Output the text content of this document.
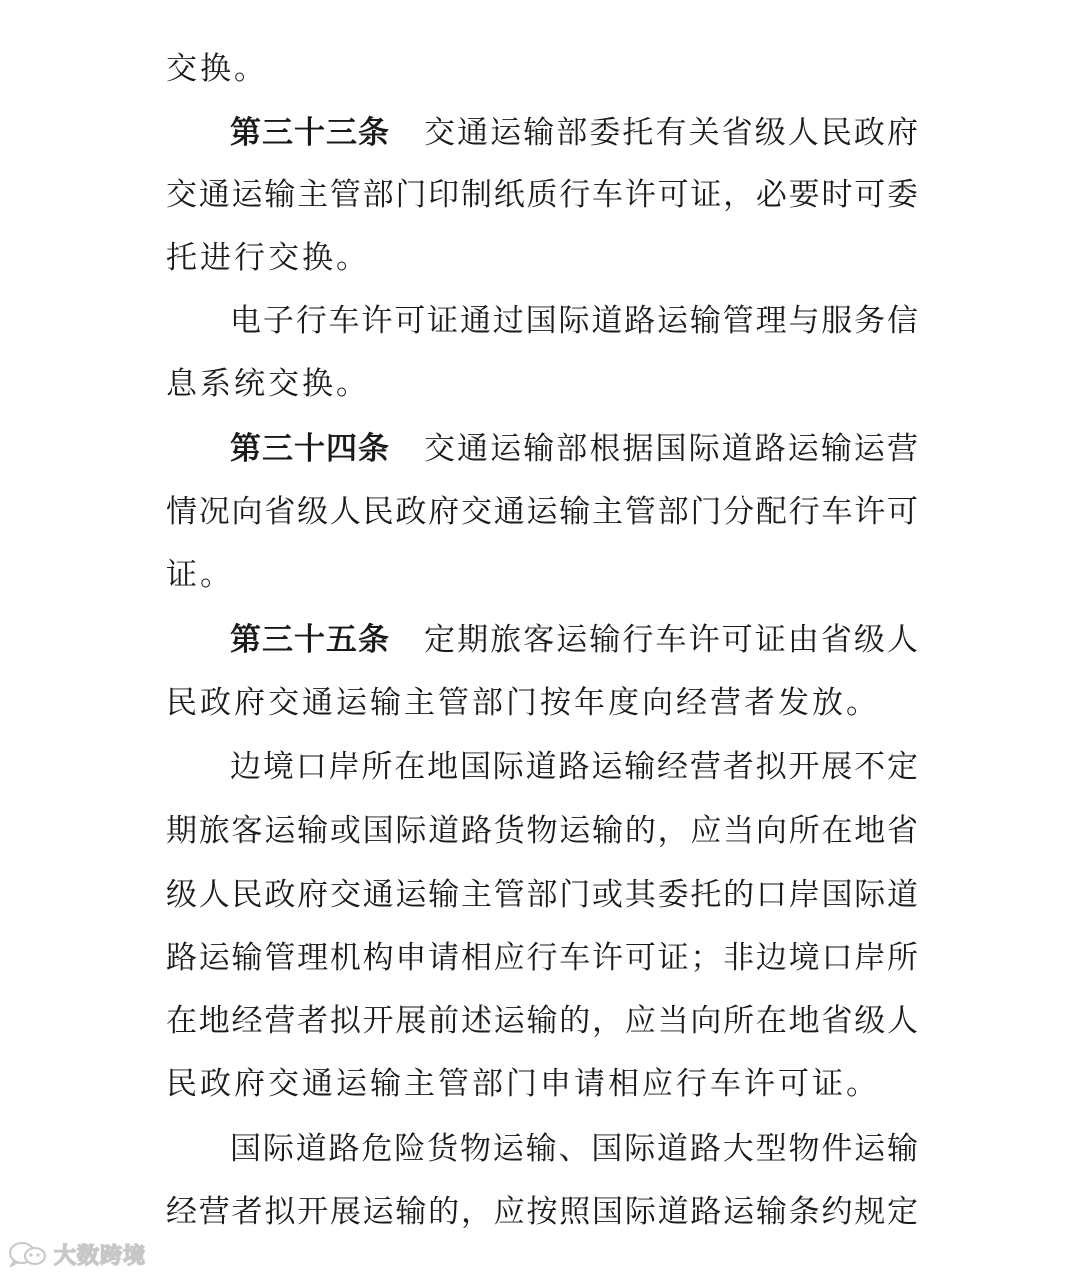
交换。
第三十三条 交通运输部委托有关省级人民政府
交通运输主管部门印制纸质行车许可证，必要时可委
托进行交换。
电子行车许可证通过国际道路运输管理与服务信
息系统交换。
第三十四条 交通运输部根据国际道路运输运营
情况向省级人民政府交通运输主管部门分配行车许可
证。
第三十五条 定期旅客运输行车许可证由省级人
民政府交通运输主管部门按年度向经营者发放。
边境口岸所在地国际道路运输经营者拟开展不定
期旅客运输或国际道路货物运输的，应当向所在地省
级人民政府交通运输主管部门或其委托的口岸国际道
路运输管理机构申请相应行车许可证；非边境口岸所
在地经营者拟开展前述运输的，应当向所在地省级人
民政府交通运输主管部门申请相应行车许可证。
国际道路危险货物运输、国际道路大型物件运输
经营者拟开展运输的，应按照国际道路运输条约规定
大数跨境
